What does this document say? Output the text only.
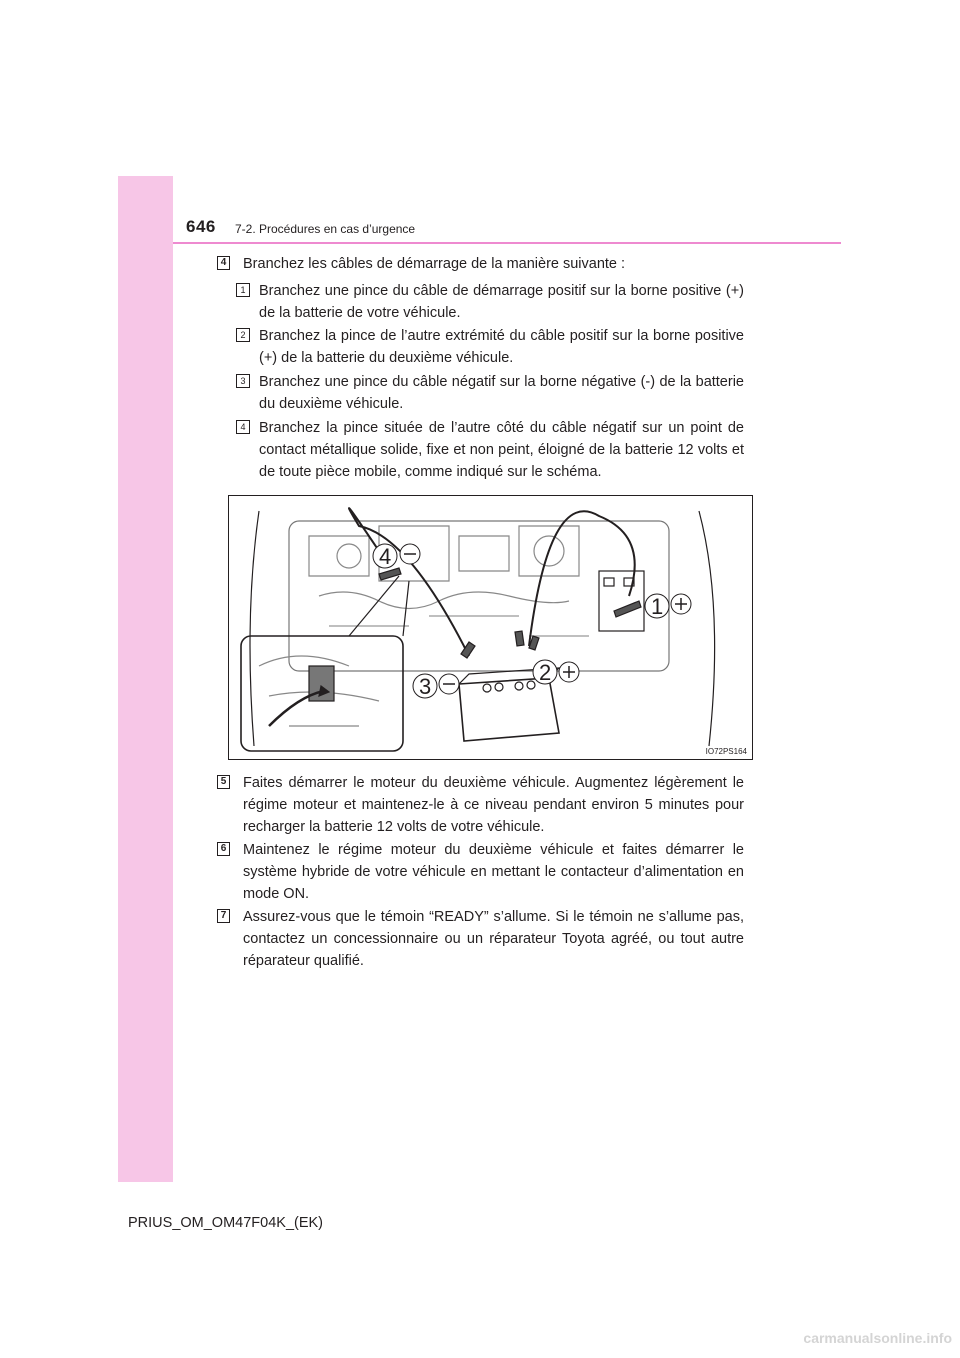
646 7-2. Procédures en cas d’urgence
4 Branchez les câbles de démarrage de la manière suivante :
1 Branchez une pince du câble de démarrage positif sur la borne positive (+) de la batterie de votre véhicule.
2 Branchez la pince de l’autre extrémité du câble positif sur la borne positive (+) de la batterie du deuxième véhicule.
3 Branchez une pince du câble négatif sur la borne négative (-) de la batterie du deuxième véhicule.
4 Branchez la pince située de l’autre côté du câble négatif sur un point de contact métallique solide, fixe et non peint, éloigné de la batterie 12 volts et de toute pièce mobile, comme indiqué sur le schéma.
4
1
2
3
IO72PS164
5 Faites démarrer le moteur du deuxième véhicule. Augmentez légèrement le régime moteur et maintenez-le à ce niveau pendant environ 5 minutes pour recharger la batterie 12 volts de votre véhicule.
6 Maintenez le régime moteur du deuxième véhicule et faites démarrer le système hybride de votre véhicule en mettant le contacteur d’alimentation en mode ON.
7 Assurez-vous que le témoin “READY” s’allume. Si le témoin ne s’allume pas, contactez un concessionnaire ou un réparateur Toyota agréé, ou tout autre réparateur qualifié.
PRIUS_OM_OM47F04K_(EK)
carmanualsonline.info
